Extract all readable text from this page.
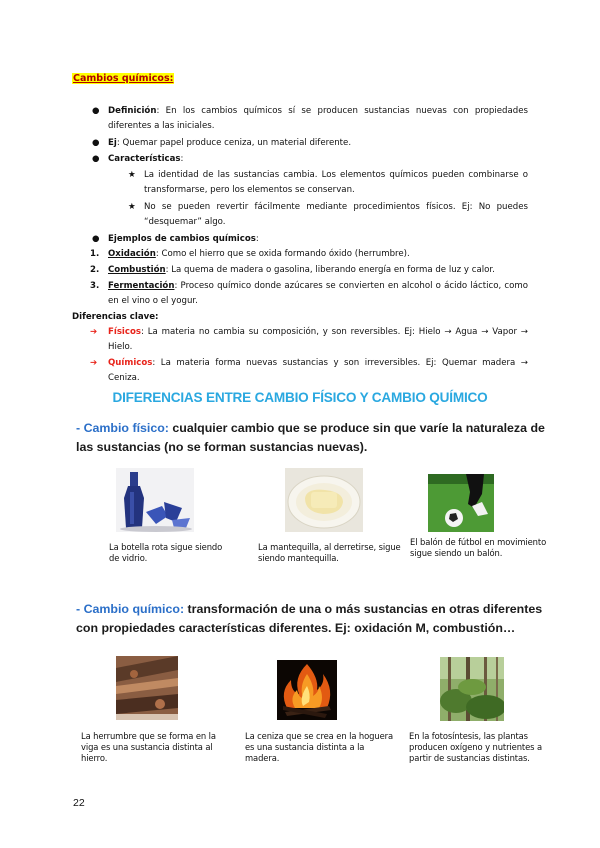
Cambios químicos:
● Definición: En los cambios químicos sí se producen sustancias nuevas con propiedades diferentes a las iniciales.
● Ej: Quemar papel produce ceniza, un material diferente.
● Características:
★ La identidad de las sustancias cambia. Los elementos químicos pueden combinarse o transformarse, pero los elementos se conservan.
★ No se pueden revertir fácilmente mediante procedimientos físicos. Ej: No puedes “desquemar” algo.
● Ejemplos de cambios químicos:
1. Oxidación: Como el hierro que se oxida formando óxido (herrumbre).
2. Combustión: La quema de madera o gasolina, liberando energía en forma de luz y calor.
3. Fermentación: Proceso químico donde azúcares se convierten en alcohol o ácido láctico, como en el vino o el yogur.
Diferencias clave:
➔ Físicos: La materia no cambia su composición, y son reversibles. Ej: Hielo → Agua → Vapor → Hielo.
➔ Químicos: La materia forma nuevas sustancias y son irreversibles. Ej: Quemar madera → Ceniza.
DIFERENCIAS ENTRE CAMBIO FÍSICO Y CAMBIO QUÍMICO
- Cambio físico: cualquier cambio que se produce sin que varíe la naturaleza de las sustancias (no se forman sustancias nuevas).
La botella rota sigue siendo de vidrio.
La mantequilla, al derretirse, sigue siendo mantequilla.
El balón de fútbol en movimiento sigue siendo un balón.
- Cambio químico: transformación de una o más sustancias en otras diferentes con propiedades características diferentes. Ej: oxidación M, combustión…
La herrumbre que se forma en la viga es una sustancia distinta al hierro.
La ceniza que se crea en la hoguera es una sustancia distinta a la madera.
En la fotosíntesis, las plantas producen oxígeno y nutrientes a partir de sustancias distintas.
22
